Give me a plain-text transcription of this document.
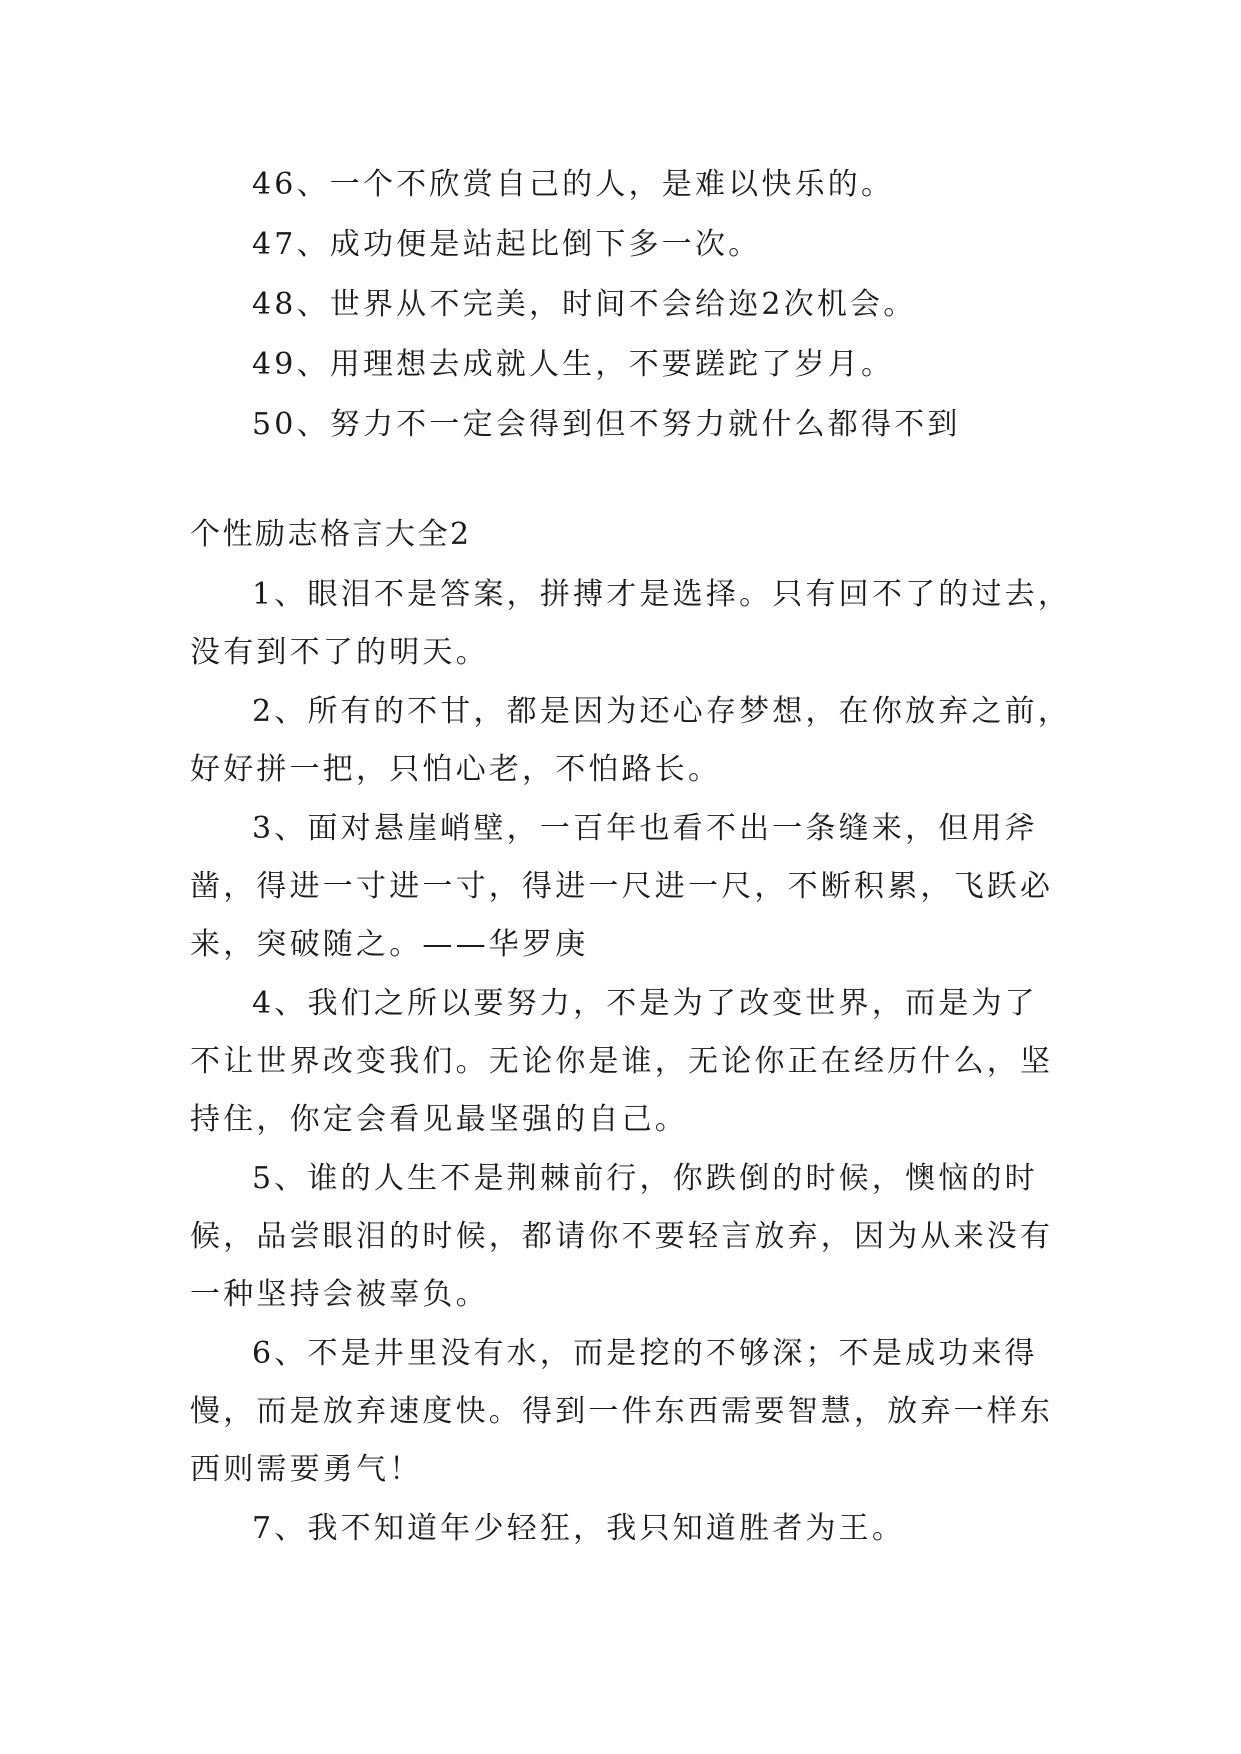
46、一个不欣赏自己的人，是难以快乐的。
47、成功便是站起比倒下多一次。
48、世界从不完美，时间不会给迩2次机会。
49、用理想去成就人生，不要蹉跎了岁月。
50、努力不一定会得到但不努力就什么都得不到
个性励志格言大全2
1、眼泪不是答案，拼搏才是选择。只有回不了的过去，
没有到不了的明天。
2、所有的不甘，都是因为还心存梦想，在你放弃之前，
好好拼一把，只怕心老，不怕路长。
3、面对悬崖峭壁，一百年也看不出一条缝来，但用斧
凿，得进一寸进一寸，得进一尺进一尺，不断积累，飞跃必
来，突破随之。——华罗庚
4、我们之所以要努力，不是为了改变世界，而是为了
不让世界改变我们。无论你是谁，无论你正在经历什么，坚
持住，你定会看见最坚强的自己。
5、谁的人生不是荆棘前行，你跌倒的时候，懊恼的时
候，品尝眼泪的时候，都请你不要轻言放弃，因为从来没有
一种坚持会被辜负。
6、不是井里没有水，而是挖的不够深；不是成功来得
慢，而是放弃速度快。得到一件东西需要智慧，放弃一样东
西则需要勇气！
7、我不知道年少轻狂，我只知道胜者为王。
